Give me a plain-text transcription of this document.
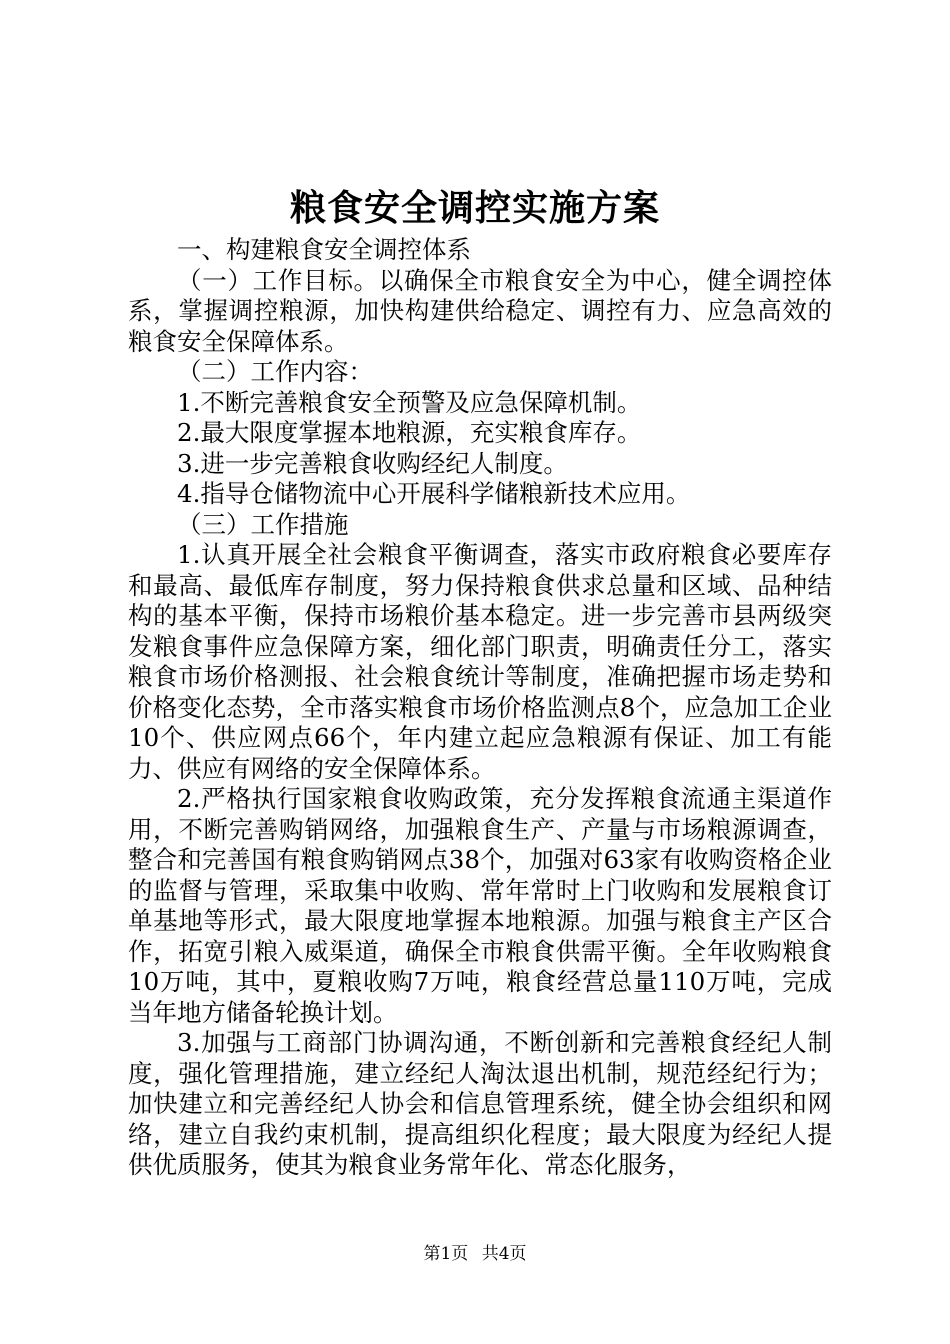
粮食安全调控实施方案

一、构建粮食安全调控体系

（一）工作目标。以确保全市粮食安全为中心，健全调控体系，掌握调控粮源，加快构建供给稳定、调控有力、应急高效的粮食安全保障体系。

（二）工作内容：

1.不断完善粮食安全预警及应急保障机制。

2.最大限度掌握本地粮源，充实粮食库存。

3.进一步完善粮食收购经纪人制度。

4.指导仓储物流中心开展科学储粮新技术应用。

（三）工作措施

1.认真开展全社会粮食平衡调查，落实市政府粮食必要库存和最高、最低库存制度，努力保持粮食供求总量和区域、品种结构的基本平衡，保持市场粮价基本稳定。进一步完善市县两级突发粮食事件应急保障方案，细化部门职责，明确责任分工，落实粮食市场价格测报、社会粮食统计等制度，准确把握市场走势和价格变化态势，全市落实粮食市场价格监测点8个，应急加工企业10个、供应网点66个，年内建立起应急粮源有保证、加工有能力、供应有网络的安全保障体系。

2.严格执行国家粮食收购政策，充分发挥粮食流通主渠道作用，不断完善购销网络，加强粮食生产、产量与市场粮源调查，整合和完善国有粮食购销网点38个，加强对63家有收购资格企业的监督与管理，采取集中收购、常年常时上门收购和发展粮食订单基地等形式，最大限度地掌握本地粮源。加强与粮食主产区合作，拓宽引粮入威渠道，确保全市粮食供需平衡。全年收购粮食10万吨，其中，夏粮收购7万吨，粮食经营总量110万吨，完成当年地方储备轮换计划。

3.加强与工商部门协调沟通，不断创新和完善粮食经纪人制度，强化管理措施，建立经纪人淘汰退出机制，规范经纪行为；加快建立和完善经纪人协会和信息管理系统，健全协会组织和网络，建立自我约束机制，提高组织化程度；最大限度为经纪人提供优质服务，使其为粮食业务常年化、常态化服务，

第1页 共4页
